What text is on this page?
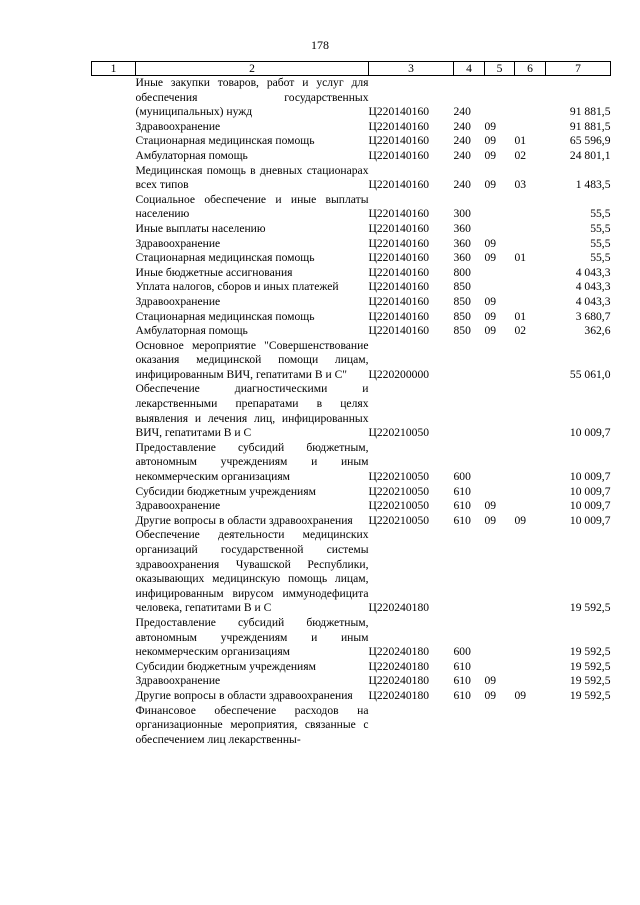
178
1	2	3	4	5	6	7
	Иные закупки товаров, работ и услуг для обеспечения государственных (муниципальных) нужд	Ц220140160	240			91 881,5
	Здравоохранение	Ц220140160	240	09		91 881,5
	Стационарная медицинская помощь	Ц220140160	240	09	01	65 596,9
	Амбулаторная помощь	Ц220140160	240	09	02	24 801,1
	Медицинская помощь в дневных стационарах всех типов	Ц220140160	240	09	03	1 483,5
	Социальное обеспечение и иные выплаты населению	Ц220140160	300			55,5
	Иные выплаты населению	Ц220140160	360			55,5
	Здравоохранение	Ц220140160	360	09		55,5
	Стационарная медицинская помощь	Ц220140160	360	09	01	55,5
	Иные бюджетные ассигнования	Ц220140160	800			4 043,3
	Уплата налогов, сборов и иных платежей	Ц220140160	850			4 043,3
	Здравоохранение	Ц220140160	850	09		4 043,3
	Стационарная медицинская помощь	Ц220140160	850	09	01	3 680,7
	Амбулаторная помощь	Ц220140160	850	09	02	362,6
	Основное мероприятие "Совершенствование оказания медицинской помощи лицам, инфицированным ВИЧ, гепатитами В и С"	Ц220200000				55 061,0
	Обеспечение диагностическими и лекарственными препаратами в целях выявления и лечения лиц, инфицированных ВИЧ, гепатитами В и С	Ц220210050				10 009,7
	Предоставление субсидий бюджетным, автономным учреждениям и иным некоммерческим организациям	Ц220210050	600			10 009,7
	Субсидии бюджетным учреждениям	Ц220210050	610			10 009,7
	Здравоохранение	Ц220210050	610	09		10 009,7
	Другие вопросы в области здравоохранения	Ц220210050	610	09	09	10 009,7
	Обеспечение деятельности медицинских организаций государственной системы здравоохранения Чувашской Республики, оказывающих медицинскую помощь лицам, инфицированным вирусом иммунодефицита человека, гепатитами В и С	Ц220240180				19 592,5
	Предоставление субсидий бюджетным, автономным учреждениям и иным некоммерческим организациям	Ц220240180	600			19 592,5
	Субсидии бюджетным учреждениям	Ц220240180	610			19 592,5
	Здравоохранение	Ц220240180	610	09		19 592,5
	Другие вопросы в области здравоохранения	Ц220240180	610	09	09	19 592,5
	Финансовое обеспечение расходов на организационные мероприятия, связанные с обеспечением лиц лекарственны-					
